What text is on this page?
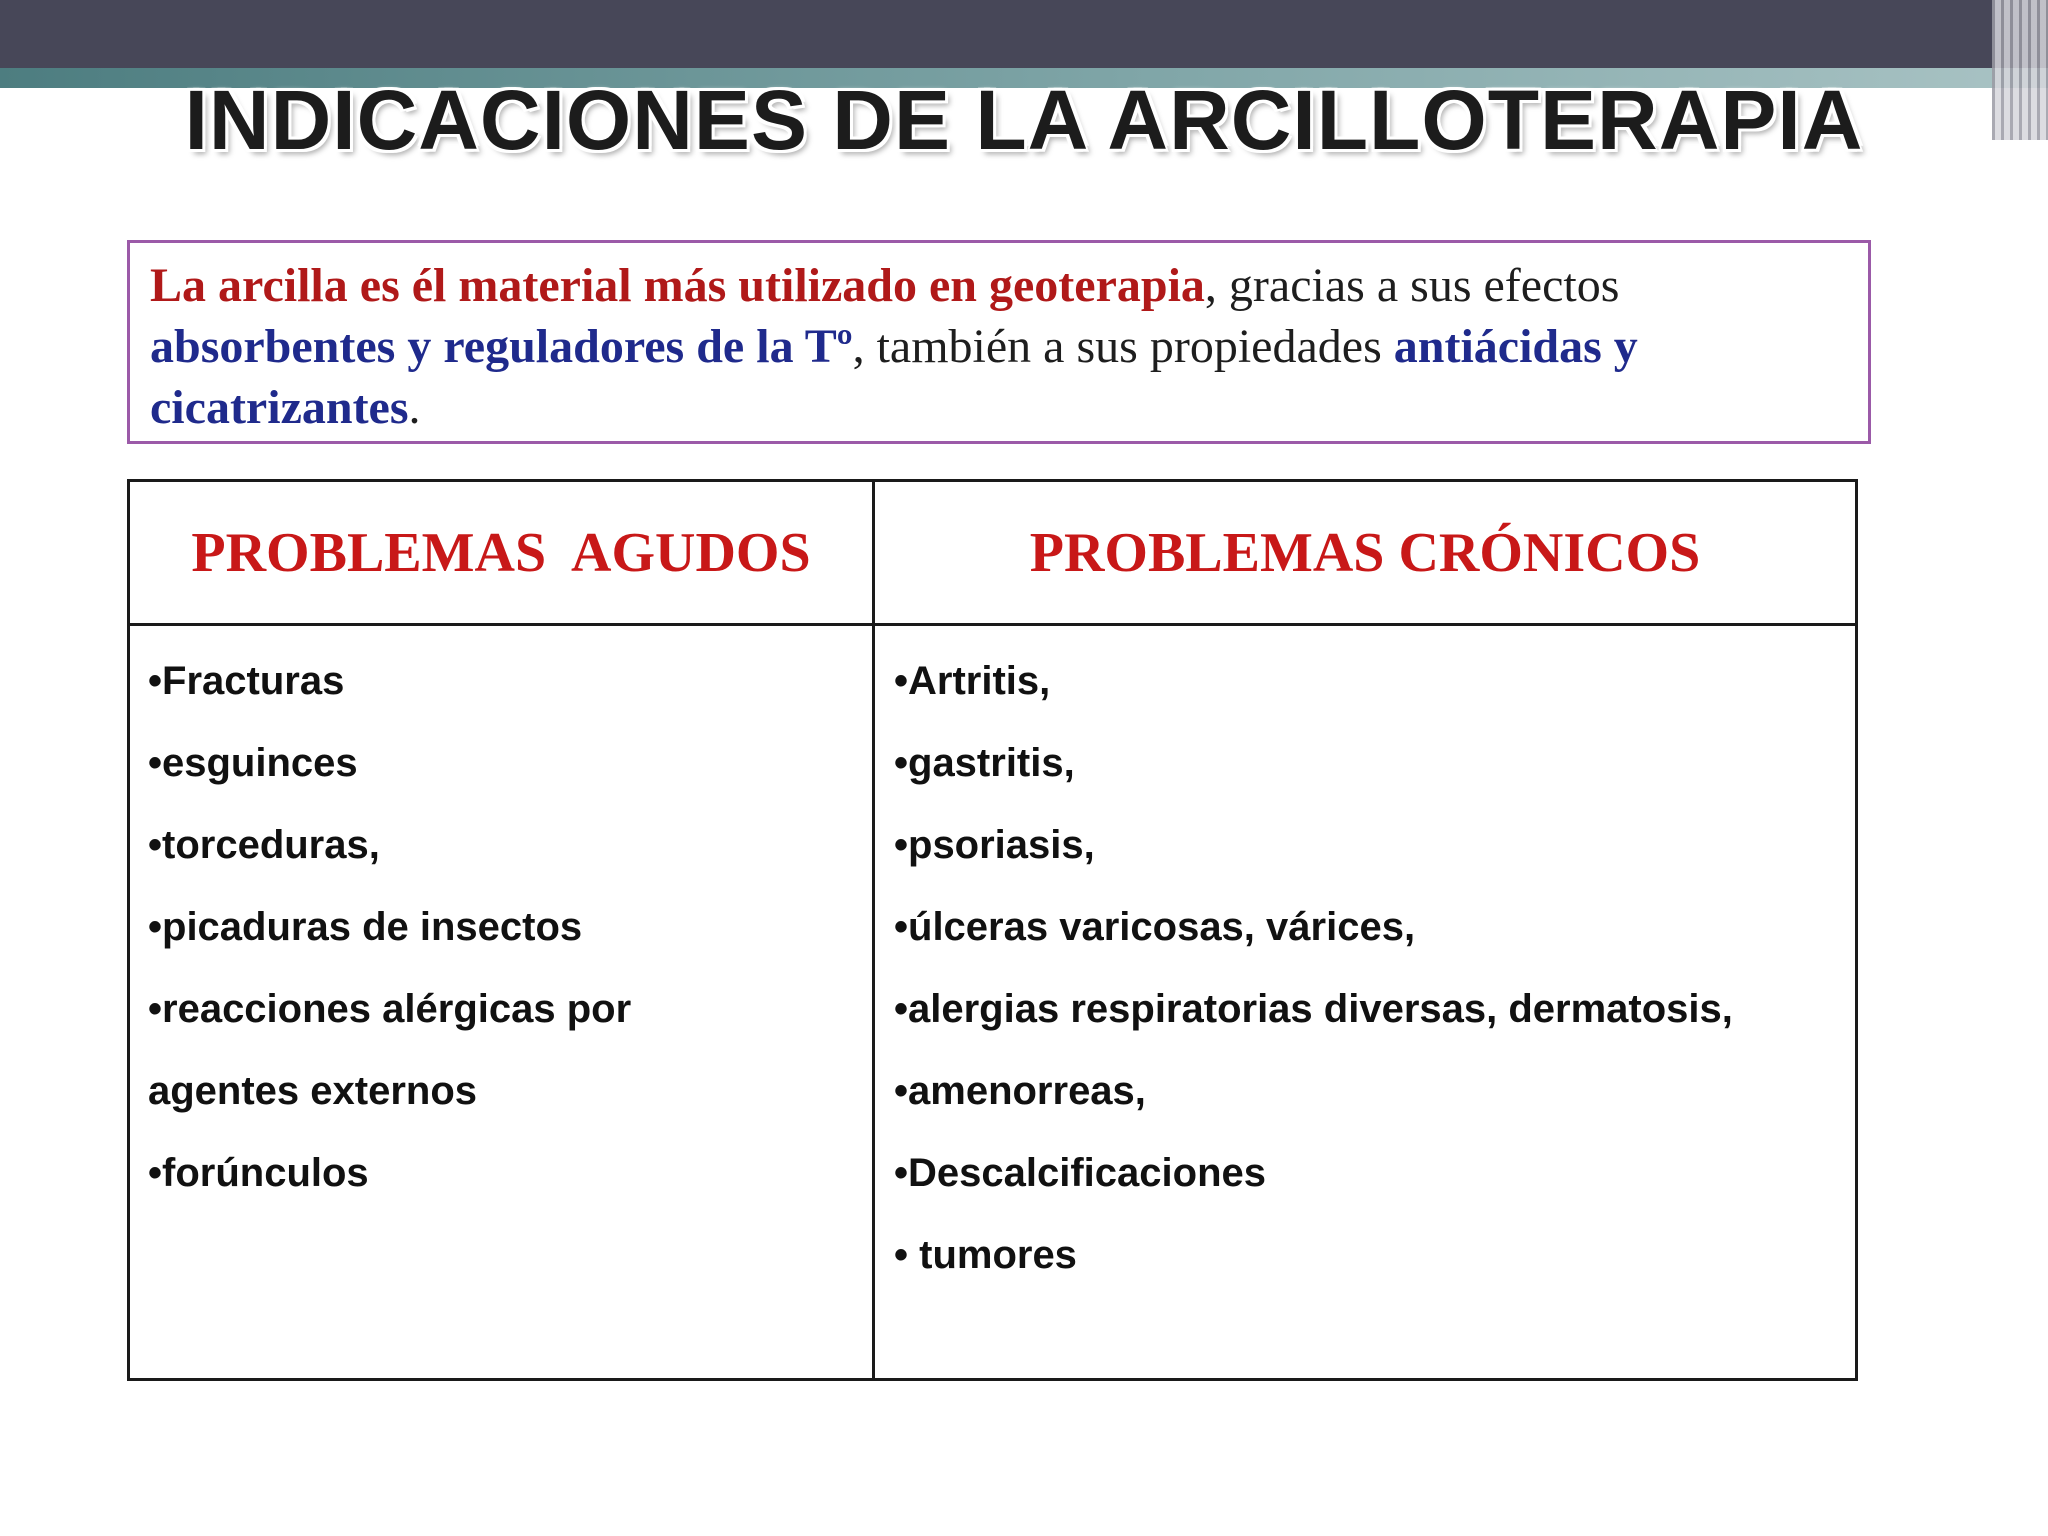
INDICACIONES DE LA ARCILLOTERAPIA
La arcilla es él material más utilizado en geoterapia, gracias a sus efectos absorbentes y reguladores de la Tº, también a sus propiedades antiácidas y cicatrizantes.
PROBLEMAS  AGUDOS	PROBLEMAS CRÓNICOS
•Fracturas
•esguinces
•torceduras,
•picaduras de insectos
•reacciones alérgicas por
agentes externos
•forúnculos
•Artritis,
•gastritis,
•psoriasis,
•úlceras varicosas, várices,
•alergias respiratorias diversas, dermatosis,
•amenorreas,
•Descalcificaciones
• tumores
